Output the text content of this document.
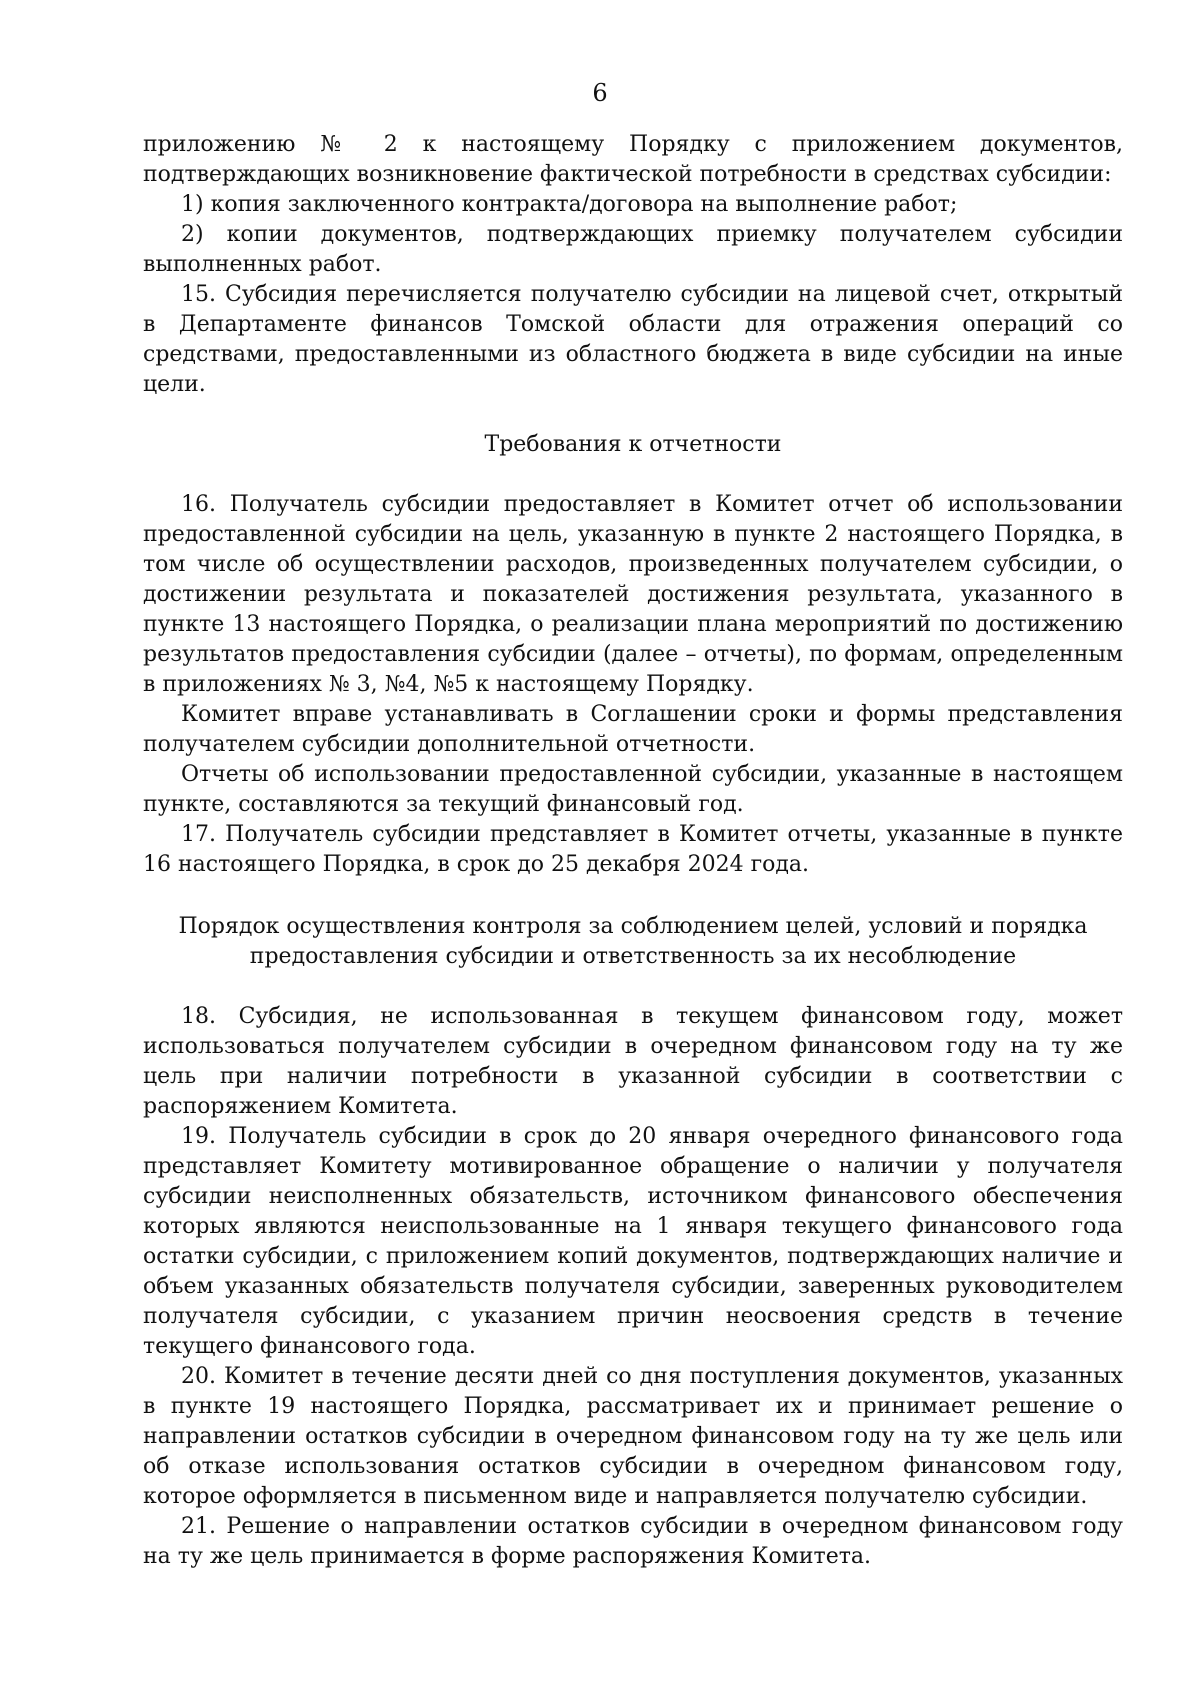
6

приложению № 2 к настоящему Порядку с приложением документов, подтверждающих возникновение фактической потребности в средствах субсидии:

1) копия заключенного контракта/договора на выполнение работ;

2) копии документов, подтверждающих приемку получателем субсидии выполненных работ.

15. Субсидия перечисляется получателю субсидии на лицевой счет, открытый в Департаменте финансов Томской области для отражения операций со средствами, предоставленными из областного бюджета в виде субсидии на иные цели.

Требования к отчетности

16. Получатель субсидии предоставляет в Комитет отчет об использовании предоставленной субсидии на цель, указанную в пункте 2 настоящего Порядка, в том числе об осуществлении расходов, произведенных получателем субсидии, о достижении результата и показателей достижения результата, указанного в пункте 13 настоящего Порядка, о реализации плана мероприятий по достижению результатов предоставления субсидии (далее – отчеты), по формам, определенным в приложениях № 3, №4, №5 к настоящему Порядку.

Комитет вправе устанавливать в Соглашении сроки и формы представления получателем субсидии дополнительной отчетности.

Отчеты об использовании предоставленной субсидии, указанные в настоящем пункте, составляются за текущий финансовый год.

17. Получатель субсидии представляет в Комитет отчеты, указанные в пункте 16 настоящего Порядка, в срок до 25 декабря 2024 года.

Порядок осуществления контроля за соблюдением целей, условий и порядка

предоставления субсидии и ответственность за их несоблюдение

18. Субсидия, не использованная в текущем финансовом году, может использоваться получателем субсидии в очередном финансовом году на ту же цель при наличии потребности в указанной субсидии в соответствии с распоряжением Комитета.

19. Получатель субсидии в срок до 20 января очередного финансового года представляет Комитету мотивированное обращение о наличии у получателя субсидии неисполненных обязательств, источником финансового обеспечения которых являются неиспользованные на 1 января текущего финансового года остатки субсидии, с приложением копий документов, подтверждающих наличие и объем указанных обязательств получателя субсидии, заверенных руководителем получателя субсидии, с указанием причин неосвоения средств в течение текущего финансового года.

20. Комитет в течение десяти дней со дня поступления документов, указанных в пункте 19 настоящего Порядка, рассматривает их и принимает решение о направлении остатков субсидии в очередном финансовом году на ту же цель или об отказе использования остатков субсидии в очередном финансовом году, которое оформляется в письменном виде и направляется получателю субсидии.

21. Решение о направлении остатков субсидии в очередном финансовом году на ту же цель принимается в форме распоряжения Комитета.
